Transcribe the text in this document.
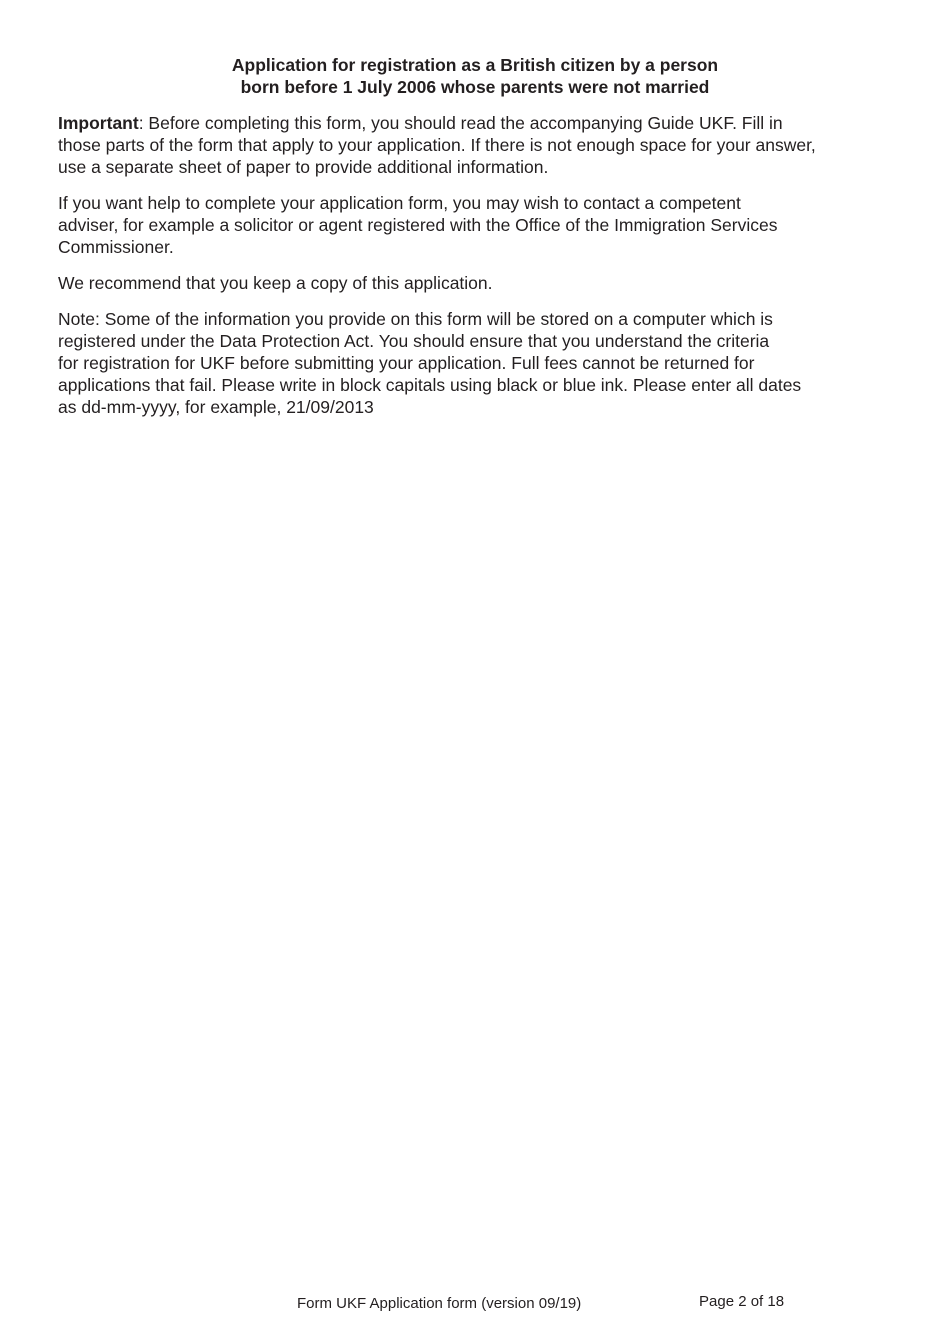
Application for registration as a British citizen by a person
born before 1 July 2006 whose parents were not married

Important: Before completing this form, you should read the accompanying Guide UKF. Fill in
those parts of the form that apply to your application. If there is not enough space for your answer,
use a separate sheet of paper to provide additional information.

If you want help to complete your application form, you may wish to contact a competent
adviser, for example a solicitor or agent registered with the Office of the Immigration Services
Commissioner.

We recommend that you keep a copy of this application.

Note: Some of the information you provide on this form will be stored on a computer which is
registered under the Data Protection Act. You should ensure that you understand the criteria
for registration for UKF before submitting your application. Full fees cannot be returned for
applications that fail. Please write in block capitals using black or blue ink. Please enter all dates
as dd-mm-yyyy, for example, 21/09/2013

Form UKF Application form (version 09/19)	Page 2 of 18
